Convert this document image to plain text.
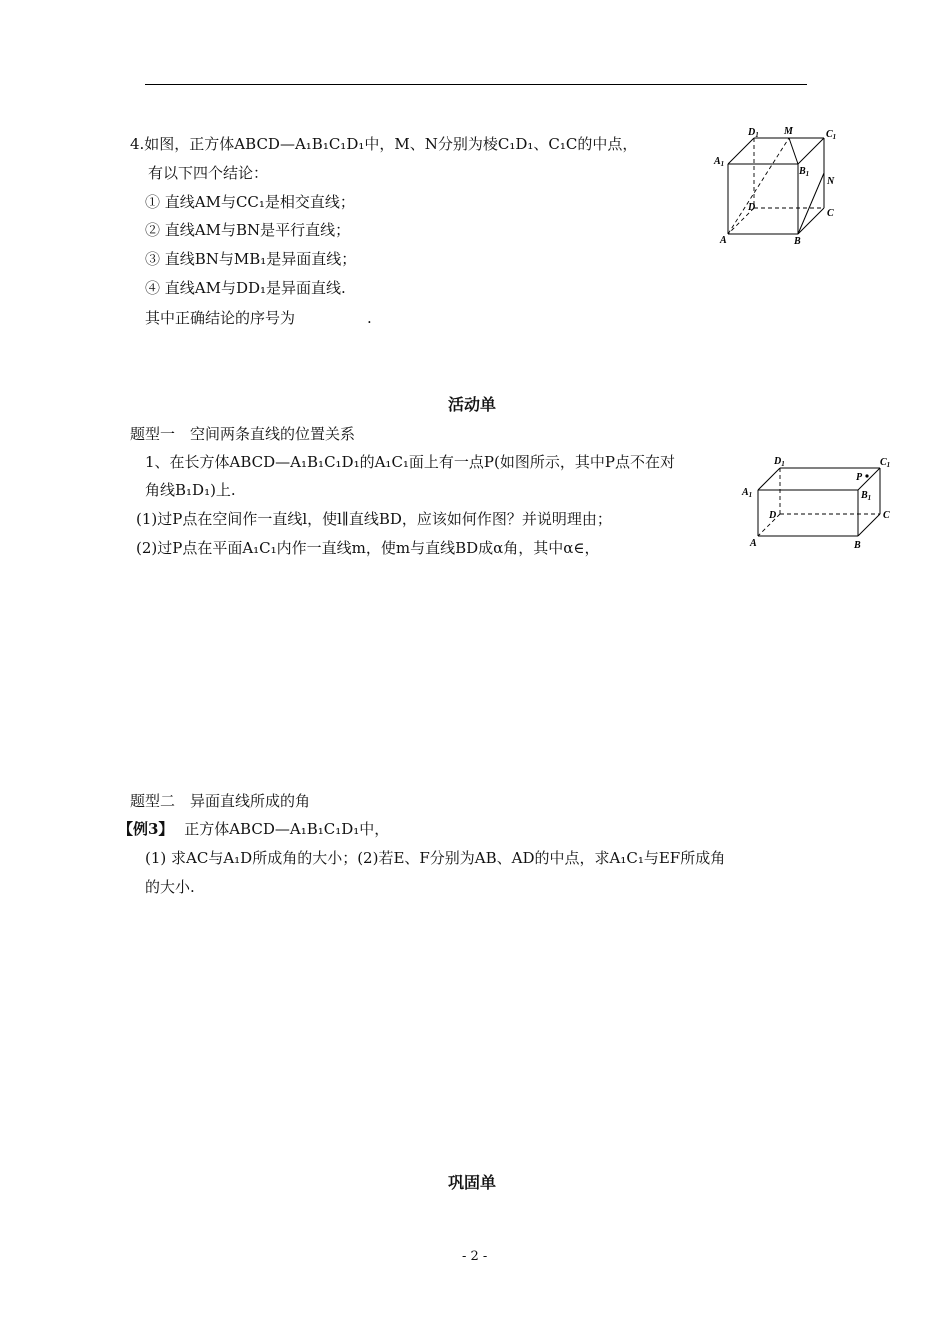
4.如图，正方体ABCD—A₁B₁C₁D₁中，M、N分别为棱C₁D₁、C₁C的中点，
有以下四个结论：
① 直线AM与CC₁是相交直线；
② 直线AM与BN是平行直线；
③ 直线BN与MB₁是异面直线；
④ 直线AM与DD₁是异面直线.
其中正确结论的序号为	.
$D_1$	M	$C_1$
$A_1$
$B_1$
N
D
C
A	B
活动单
题型一　空间两条直线的位置关系
1、在长方体ABCD—A₁B₁C₁D₁的A₁C₁面上有一点P(如图所示，其中P点不在对
角线B₁D₁)上.
(1)过P点在空间作一直线l，使l∥直线BD，应该如何作图？并说明理由；
(2)过P点在平面A₁C₁内作一直线m，使m与直线BD成α角，其中α∈，
$D_1$
P
$C_1$
$A_1$	$B_1$
D	C
A	B
题型二　异面直线所成的角
【例3】 正方体ABCD—A₁B₁C₁D₁中，
(1) 求AC与A₁D所成角的大小；(2)若E、F分别为AB、AD的中点，求A₁C₁与EF所成角
的大小.
巩固单
- 2 -
